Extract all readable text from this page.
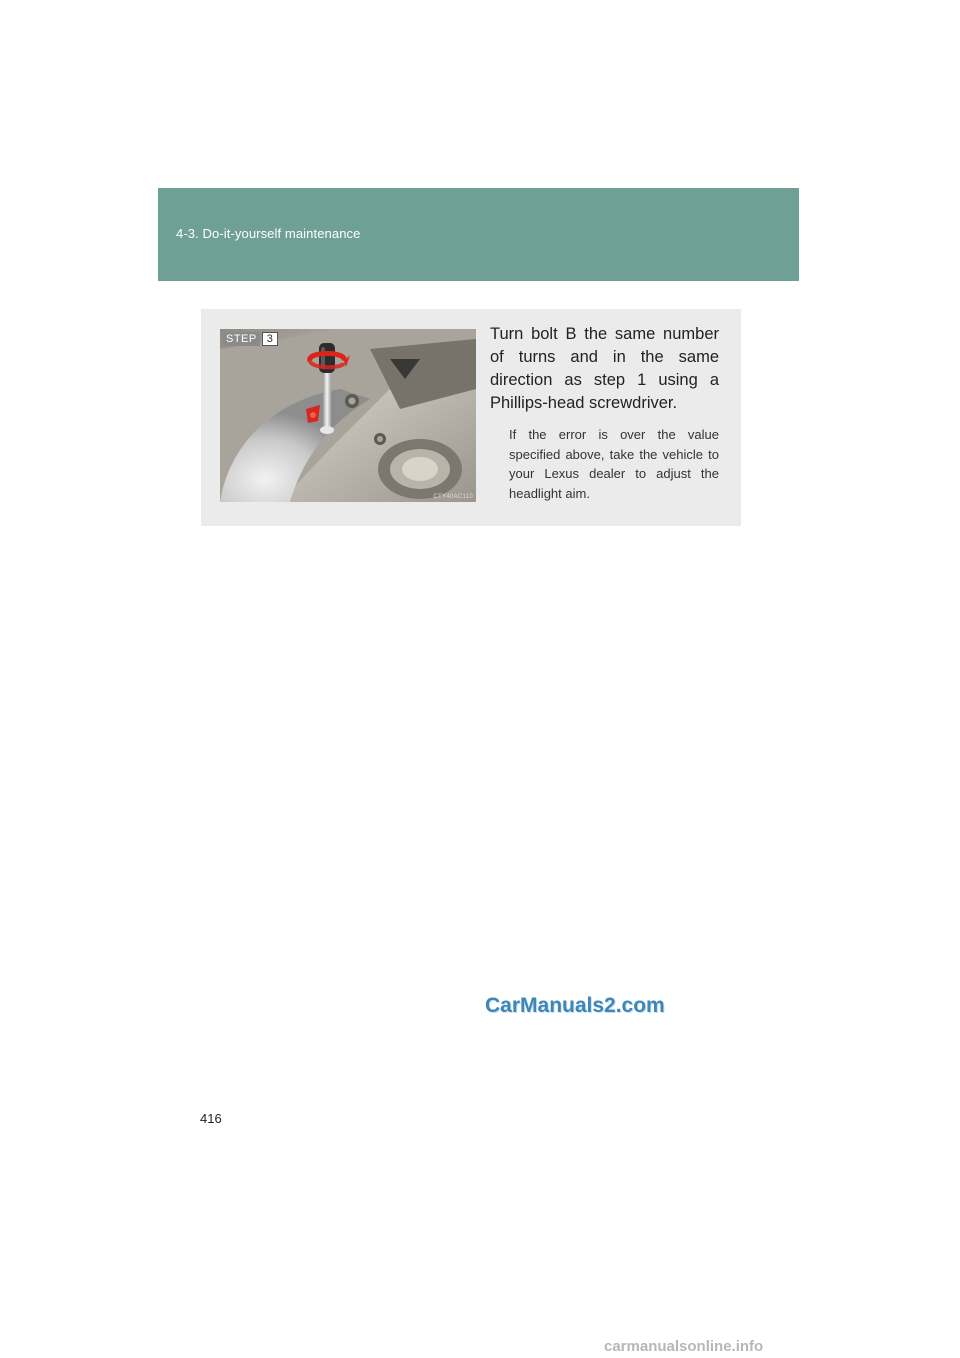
4-3. Do-it-yourself maintenance
STEP 3
CTY40AC110

Turn bolt B the same number of turns and in the same direction as step 1 using a Phillips-head screwdriver.

If the error is over the value specified above, take the vehicle to your Lexus dealer to adjust the headlight aim.

CarManuals2.com
416
carmanualsonline.info
